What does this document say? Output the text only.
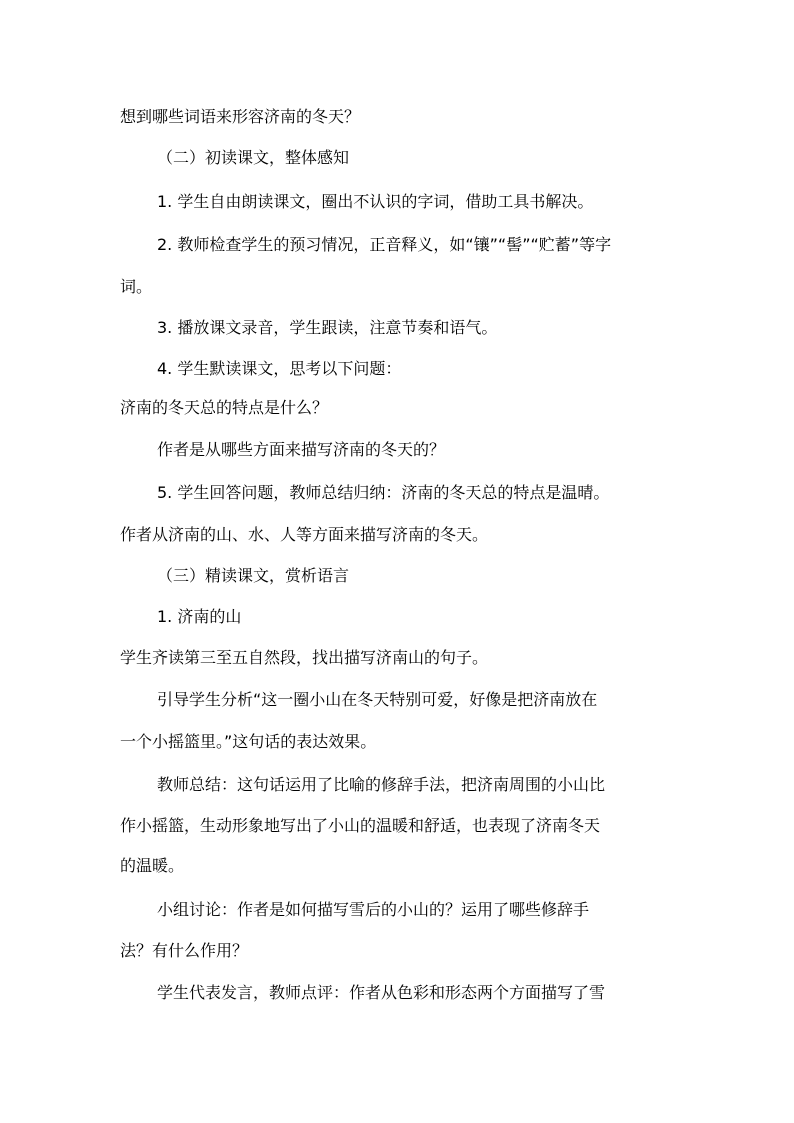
想到哪些词语来形容济南的冬天？
（二）初读课文，整体感知
1. 学生自由朗读课文，圈出不认识的字词，借助工具书解决。
2. 教师检查学生的预习情况，正音释义，如“镶”“髻”“贮蓄”等字
词。
3. 播放课文录音，学生跟读，注意节奏和语气。
4. 学生默读课文，思考以下问题：
济南的冬天总的特点是什么？
作者是从哪些方面来描写济南的冬天的？
5. 学生回答问题，教师总结归纳：济南的冬天总的特点是温晴。
作者从济南的山、水、人等方面来描写济南的冬天。
（三）精读课文，赏析语言
1. 济南的山
学生齐读第三至五自然段，找出描写济南山的句子。
引导学生分析“这一圈小山在冬天特别可爱，好像是把济南放在
一个小摇篮里。”这句话的表达效果。
教师总结：这句话运用了比喻的修辞手法，把济南周围的小山比
作小摇篮，生动形象地写出了小山的温暖和舒适，也表现了济南冬天
的温暖。
小组讨论：作者是如何描写雪后的小山的？运用了哪些修辞手
法？有什么作用？
学生代表发言，教师点评：作者从色彩和形态两个方面描写了雪
